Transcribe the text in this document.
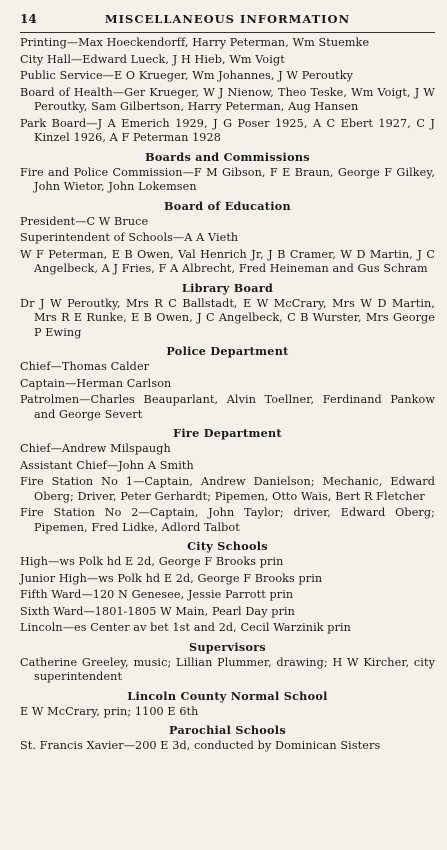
14	MISCELLANEOUS INFORMATION
Printing—Max Hoeckendorff, Harry Peterman, Wm Stuemke
City Hall—Edward Lueck, J H Hieb, Wm Voigt
Public Service—E O Krueger, Wm Johannes, J W Peroutky
Board of Health—Ger Krueger, W J Nienow, Theo Teske, Wm Voigt, J W Peroutky, Sam Gilbertson, Harry Peterman, Aug Hansen
Park Board—J A Emerich 1929, J G Poser 1925, A C Ebert 1927, C J Kinzel 1926, A F Peterman 1928
Boards and Commissions
Fire and Police Commission—F M Gibson, F E Braun, George F Gilkey, John Wietor, John Lokemsen
Board of Education
President—C W Bruce
Superintendent of Schools—A A Vieth
W F Peterman, E B Owen, Val Henrich Jr, J B Cramer, W D Martin, J C Angelbeck, A J Fries, F A Albrecht, Fred Heineman and Gus Schram
Library Board
Dr J W Peroutky, Mrs R C Ballstadt, E W McCrary, Mrs W D Martin, Mrs R E Runke, E B Owen, J C Angelbeck, C B Wurster, Mrs George P Ewing
Police Department
Chief—Thomas Calder
Captain—Herman Carlson
Patrolmen—Charles Beauparlant, Alvin Toellner, Ferdinand Pankow and George Severt
Fire Department
Chief—Andrew Milspaugh
Assistant Chief—John A Smith
Fire Station No 1—Captain, Andrew Danielson; Mechanic, Edward Oberg; Driver, Peter Gerhardt; Pipemen, Otto Wais, Bert R Fletcher
Fire Station No 2—Captain, John Taylor; driver, Edward Oberg; Pipemen, Fred Lidke, Adlord Talbot
City Schools
High—ws Polk hd E 2d, George F Brooks prin
Junior High—ws Polk hd E 2d, George F Brooks prin
Fifth Ward—120 N Genesee, Jessie Parrott prin
Sixth Ward—1801-1805 W Main, Pearl Day prin
Lincoln—es Center av bet 1st and 2d, Cecil Warzinik prin
Supervisors
Catherine Greeley, music; Lillian Plummer, drawing; H W Kircher, city superintendent
Lincoln County Normal School
E W McCrary, prin; 1100 E 6th
Parochial Schools
St. Francis Xavier—200 E 3d, conducted by Dominican Sisters
